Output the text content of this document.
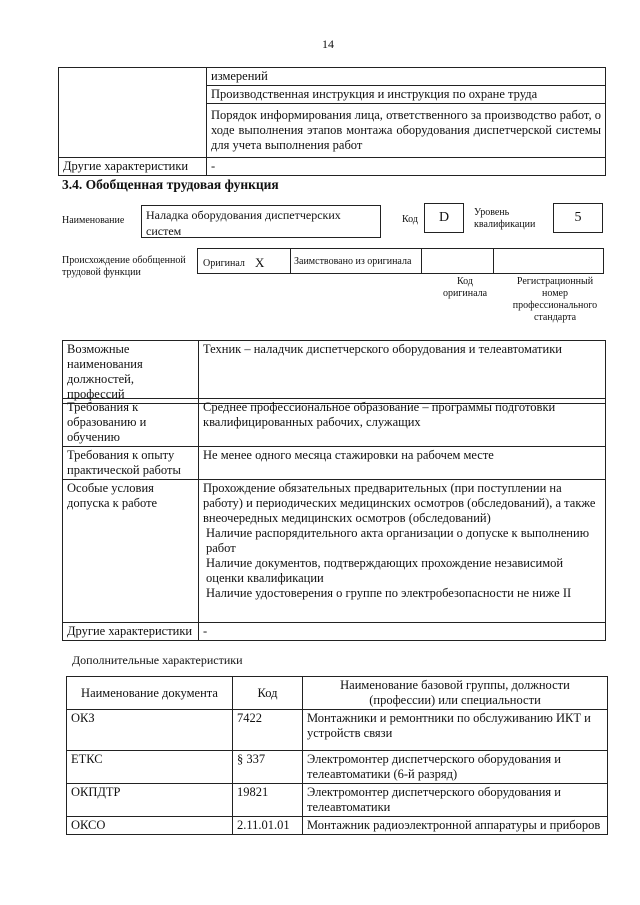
14
	измерений
	Производственная инструкция и инструкция по охране труда
	Порядок информирования лица, ответственного за производство работ, о ходе выполнения этапов монтажа оборудования диспетчерской системы для учета выполнения работ
Другие характеристики	-
3.4. Обобщенная трудовая функция
Наименование	Наладка оборудования диспетчерских систем
Код	D	Уровень квалификации	5
Происхождение обобщенной трудовой функции
Оригинал X	Заимствовано из оригинала
Код оригинала
Регистрационный номер профессионального стандарта
Возможные наименования должностей, профессий	Техник – наладчик диспетчерского оборудования и телеавтоматики
Требования к образованию и обучению	Среднее профессиональное образование – программы подготовки квалифицированных рабочих, служащих
Требования к опыту практической работы	Не менее одного месяца стажировки на рабочем месте
Особые условия допуска к работе	Прохождение обязательных предварительных (при поступлении на работу) и периодических медицинских осмотров (обследований), а также внеочередных медицинских осмотров (обследований)
Наличие распорядительного акта организации о допуске к выполнению работ
Наличие документов, подтверждающих прохождение независимой оценки квалификации
Наличие удостоверения о группе по электробезопасности не ниже II

Другие характеристики	-
Дополнительные характеристики
Наименование документа	Код	Наименование базовой группы, должности (профессии) или специальности
ОКЗ	7422	Монтажники и ремонтники по обслуживанию ИКТ и устройств связи
ЕТКС	§ 337	Электромонтер диспетчерского оборудования и телеавтоматики (6-й разряд)
ОКПДТР	19821	Электромонтер диспетчерского оборудования и телеавтоматики
ОКСО	2.11.01.01	Монтажник радиоэлектронной аппаратуры и приборов
